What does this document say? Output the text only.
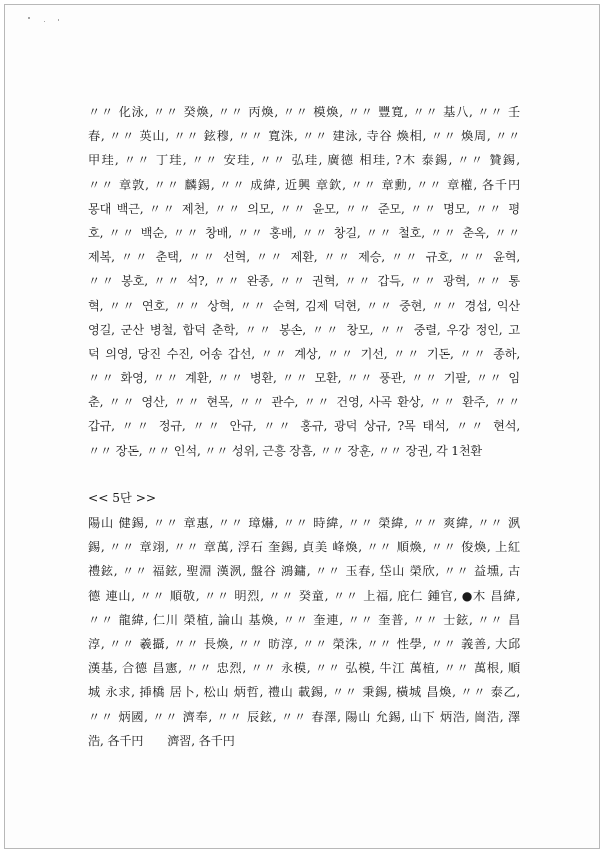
〃〃 化泳, 〃〃 癸煥, 〃〃 丙煥, 〃〃 模煥, 〃〃 豐寬, 〃〃 基八, 〃〃 壬
春, 〃〃 英山, 〃〃 鉉穆, 〃〃 寬洙, 〃〃 建泳, 寺谷 煥相, 〃〃 煥周, 〃〃
甲珪, 〃〃 丁珪, 〃〃 安珪, 〃〃 弘珪, 廣德 相珪, ?木 泰錫, 〃〃 贊錫,
〃〃 章敦, 〃〃 麟錫, 〃〃 成緯, 近興 章欽, 〃〃 章勳, 〃〃 章權, 各千円
몽대 백근, 〃〃 제천, 〃〃 의모, 〃〃 윤모, 〃〃 준모, 〃〃 명모, 〃〃 평
호, 〃〃 백순, 〃〃 창배, 〃〃 홍배, 〃〃 창길, 〃〃 철호, 〃〃 춘옥, 〃〃
제복, 〃〃 춘택, 〃〃 선혁, 〃〃 제환, 〃〃 제승, 〃〃 규호, 〃〃 윤혁,
〃〃 봉호, 〃〃 석?, 〃〃 완종, 〃〃 권혁, 〃〃 갑득, 〃〃 광혁, 〃〃 통
혁, 〃〃 연호, 〃〃 상혁, 〃〃 순혁, 김제 덕현, 〃〃 중현, 〃〃 경섭, 익산
영길, 군산 병철, 합덕 춘학, 〃〃 봉손, 〃〃 창모, 〃〃 중렬, 우강 정인, 고
덕 의영, 당진 수진, 어송 갑선, 〃〃 계상, 〃〃 기선, 〃〃 기돈, 〃〃 종하,
〃〃 화영, 〃〃 계환, 〃〃 병환, 〃〃 모환, 〃〃 풍관, 〃〃 기팔, 〃〃 임
춘, 〃〃 영산, 〃〃 현목, 〃〃 관수, 〃〃 건영, 사곡 환상, 〃〃 환주, 〃〃
갑규, 〃〃 정규, 〃〃 안규, 〃〃 홍규, 광덕 상규, ?목 태석, 〃〃 현석,
〃〃 장돈, 〃〃 인석, 〃〃 성위, 근흥 장흠, 〃〃 장훈, 〃〃 장권, 각 1천환
<< 5단 >>
陽山 健錫, 〃〃 章惠, 〃〃 璋爀, 〃〃 時緯, 〃〃 榮緯, 〃〃 爽緯, 〃〃 洬
錫, 〃〃 章翊, 〃〃 章萬, 浮石 奎錫, 貞美 峰煥, 〃〃 順煥, 〃〃 俊煥, 上紅
禮鉉, 〃〃 福鉉, 聖淵 漢洬, 盤谷 鴻鏞, 〃〃 玉春, 垈山 榮欣, 〃〃 益壎, 古
德 連山, 〃〃 順敬, 〃〃 明烈, 〃〃 癸童, 〃〃 上福, 庇仁 鍾官, ●木 昌緯,
〃〃 龍緯, 仁川 榮植, 論山 基煥, 〃〃 奎連, 〃〃 奎普, 〃〃 士鉉, 〃〃 昌
淳, 〃〃 羲攝, 〃〃 長煥, 〃〃 昉淳, 〃〃 榮洙, 〃〃 性學, 〃〃 義善, 大邱
漢基, 合德 昌憲, 〃〃 忠烈, 〃〃 永模, 〃〃 弘模, 牛江 萬植, 〃〃 萬根, 順
城 永求, 揷橋 居卜, 松山 炳哲, 禮山 載錫, 〃〃 秉錫, 橫城 昌煥, 〃〃 泰乙,
〃〃 炳國, 〃〃 濟奉, 〃〃 辰鉉, 〃〃 春澤, 陽山 允錫, 山下 炳浩, 崗浩, 澤
浩, 各千円　　濟習, 各千円
